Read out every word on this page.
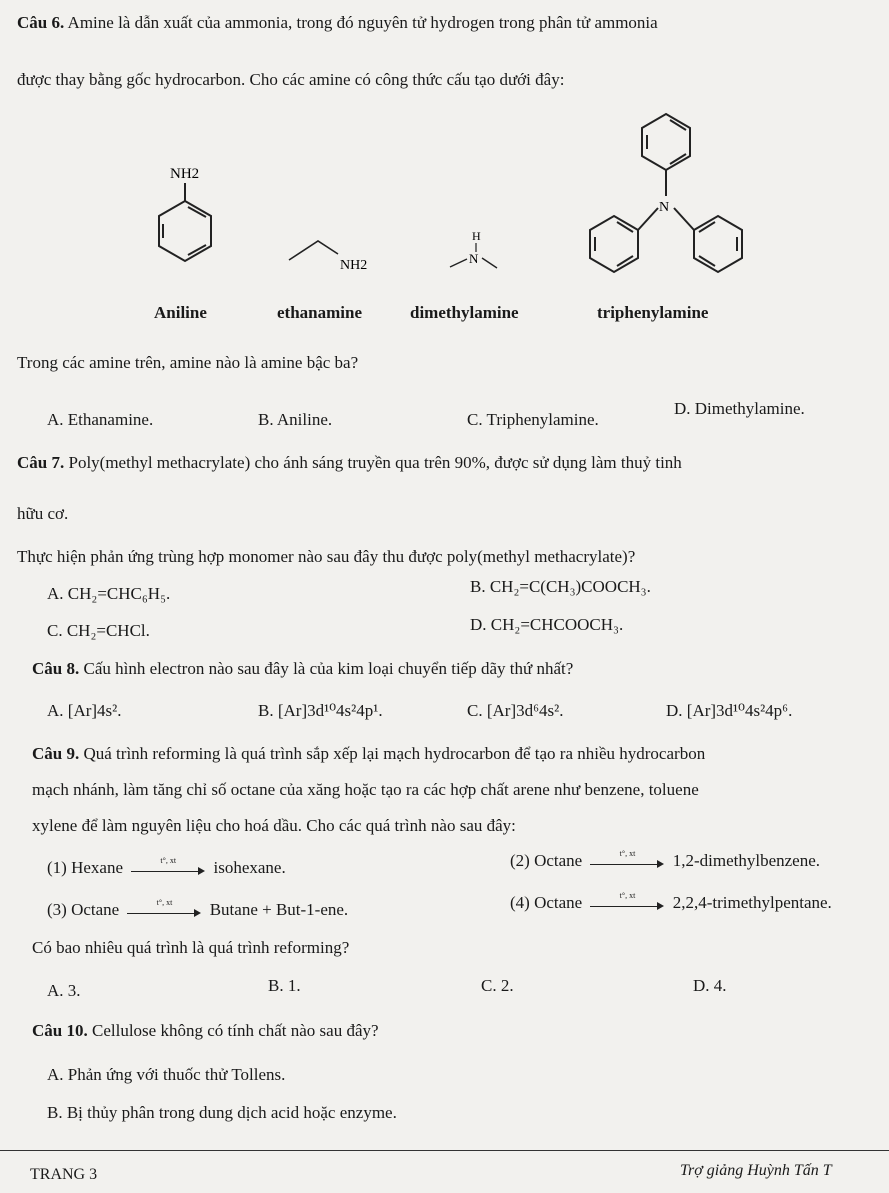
Câu 6. Amine là dẫn xuất của ammonia, trong đó nguyên tử hydrogen trong phân tử ammonia
được thay bằng gốc hydrocarbon. Cho các amine có công thức cấu tạo dưới đây:
NH2
NH2
H
N
N
Aniline	ethanamine	dimethylamine	triphenylamine
Trong các amine trên, amine nào là amine bậc ba?
A. Ethanamine.	B. Aniline.	C. Triphenylamine.
D. Dimethylamine.
Câu 7. Poly(methyl methacrylate) cho ánh sáng truyền qua trên 90%, được sử dụng làm thuỷ tinh
hữu cơ.
Thực hiện phản ứng trùng hợp monomer nào sau đây thu được poly(methyl methacrylate)?
A. CH₂=CHC₆H₅.	B. CH₂=C(CH₃)COOCH₃.
C. CH₂=CHCl.	D. CH₂=CHCOOCH₃.
Câu 8. Cấu hình electron nào sau đây là của kim loại chuyển tiếp dãy thứ nhất?
A. [Ar]4s².	B. [Ar]3d¹⁰4s²4p¹.	C. [Ar]3d⁶4s².	D. [Ar]3d¹⁰4s²4p⁶.
Câu 9. Quá trình reforming là quá trình sắp xếp lại mạch hydrocarbon để tạo ra nhiều hydrocarbon
mạch nhánh, làm tăng chỉ số octane của xăng hoặc tạo ra các hợp chất arene như benzene, toluene
xylene để làm nguyên liệu cho hoá dầu. Cho các quá trình nào sau đây:
(1) Hexane	t°, xt	isohexane.	(2) Octane	t°, xt	1,2-dimethylbenzene.
(3) Octane	t°, xt	Butane + But-1-ene.	(4) Octane	t°, xt	2,2,4-trimethylpentane.
Có bao nhiêu quá trình là quá trình reforming?
A. 3.	B. 1.	C. 2.	D. 4.
Câu 10. Cellulose không có tính chất nào sau đây?
A. Phản ứng với thuốc thử Tollens.
B. Bị thủy phân trong dung dịch acid hoặc enzyme.
TRANG 3	Trợ giảng Huỳnh Tấn T
